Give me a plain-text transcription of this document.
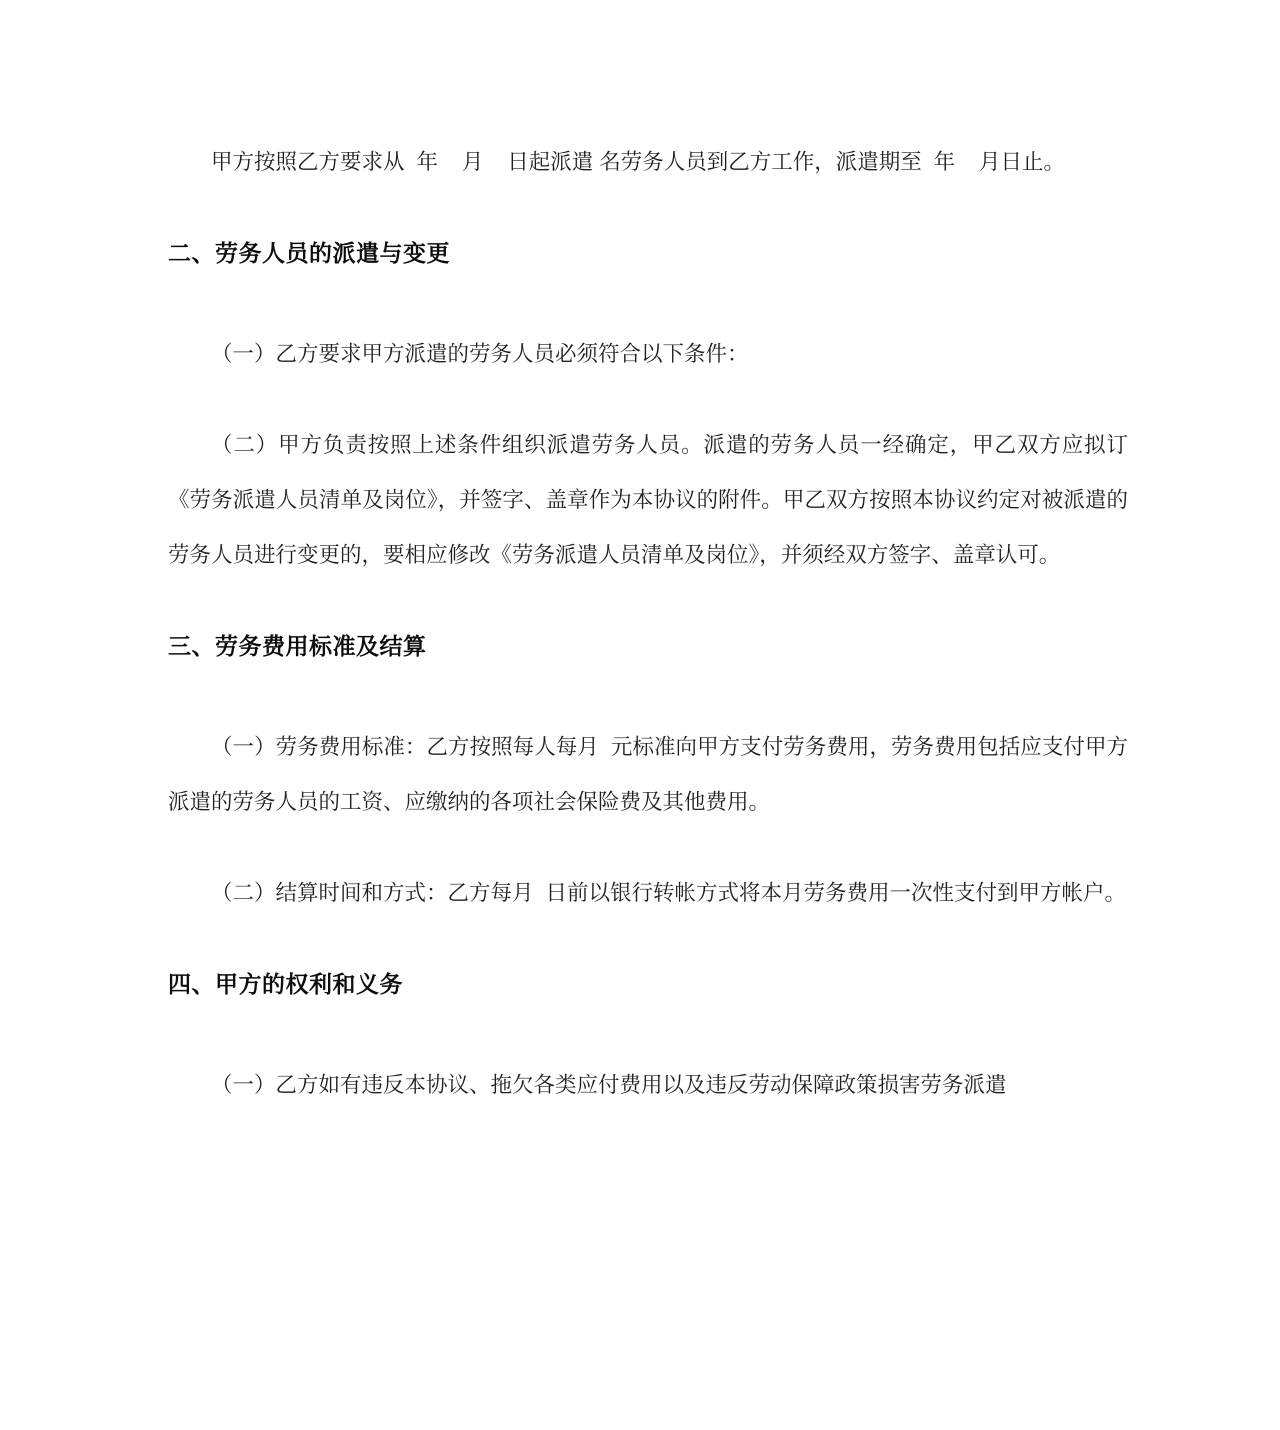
甲方按照乙方要求从  年    月    日起派遣 名劳务人员到乙方工作，派遣期至  年    月日止。

二、劳务人员的派遣与变更

（一）乙方要求甲方派遣的劳务人员必须符合以下条件：

（二）甲方负责按照上述条件组织派遣劳务人员。派遣的劳务人员一经确定，甲乙双方应拟订《劳务派遣人员清单及岗位》，并签字、盖章作为本协议的附件。甲乙双方按照本协议约定对被派遣的劳务人员进行变更的，要相应修改《劳务派遣人员清单及岗位》，并须经双方签字、盖章认可。

三、劳务费用标准及结算

（一）劳务费用标准：乙方按照每人每月  元标准向甲方支付劳务费用，劳务费用包括应支付甲方派遣的劳务人员的工资、应缴纳的各项社会保险费及其他费用。

（二）结算时间和方式：乙方每月  日前以银行转帐方式将本月劳务费用一次性支付到甲方帐户。

四、甲方的权利和义务

（一）乙方如有违反本协议、拖欠各类应付费用以及违反劳动保障政策损害劳务派遣
